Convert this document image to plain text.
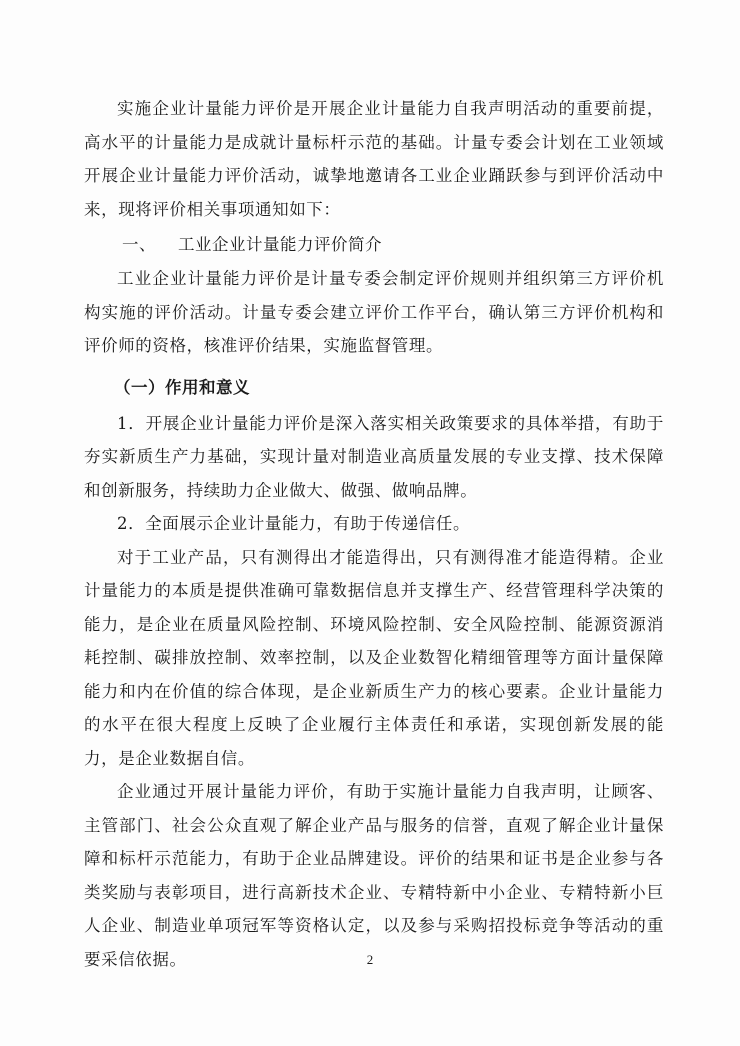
实施企业计量能力评价是开展企业计量能力自我声明活动的重要前提，高水平的计量能力是成就计量标杆示范的基础。计量专委会计划在工业领域开展企业计量能力评价活动，诚挚地邀请各工业企业踊跃参与到评价活动中来，现将评价相关事项通知如下：

一、 工业企业计量能力评价简介

工业企业计量能力评价是计量专委会制定评价规则并组织第三方评价机构实施的评价活动。计量专委会建立评价工作平台，确认第三方评价机构和评价师的资格，核准评价结果，实施监督管理。

（一）作用和意义

1．开展企业计量能力评价是深入落实相关政策要求的具体举措，有助于夯实新质生产力基础，实现计量对制造业高质量发展的专业支撑、技术保障和创新服务，持续助力企业做大、做强、做响品牌。

2．全面展示企业计量能力，有助于传递信任。

对于工业产品，只有测得出才能造得出，只有测得准才能造得精。企业计量能力的本质是提供准确可靠数据信息并支撑生产、经营管理科学决策的能力，是企业在质量风险控制、环境风险控制、安全风险控制、能源资源消耗控制、碳排放控制、效率控制，以及企业数智化精细管理等方面计量保障能力和内在价值的综合体现，是企业新质生产力的核心要素。企业计量能力的水平在很大程度上反映了企业履行主体责任和承诺，实现创新发展的能力，是企业数据自信。

企业通过开展计量能力评价，有助于实施计量能力自我声明，让顾客、主管部门、社会公众直观了解企业产品与服务的信誉，直观了解企业计量保障和标杆示范能力，有助于企业品牌建设。评价的结果和证书是企业参与各类奖励与表彰项目，进行高新技术企业、专精特新中小企业、专精特新小巨人企业、制造业单项冠军等资格认定，以及参与采购招投标竞争等活动的重要采信依据。	2
